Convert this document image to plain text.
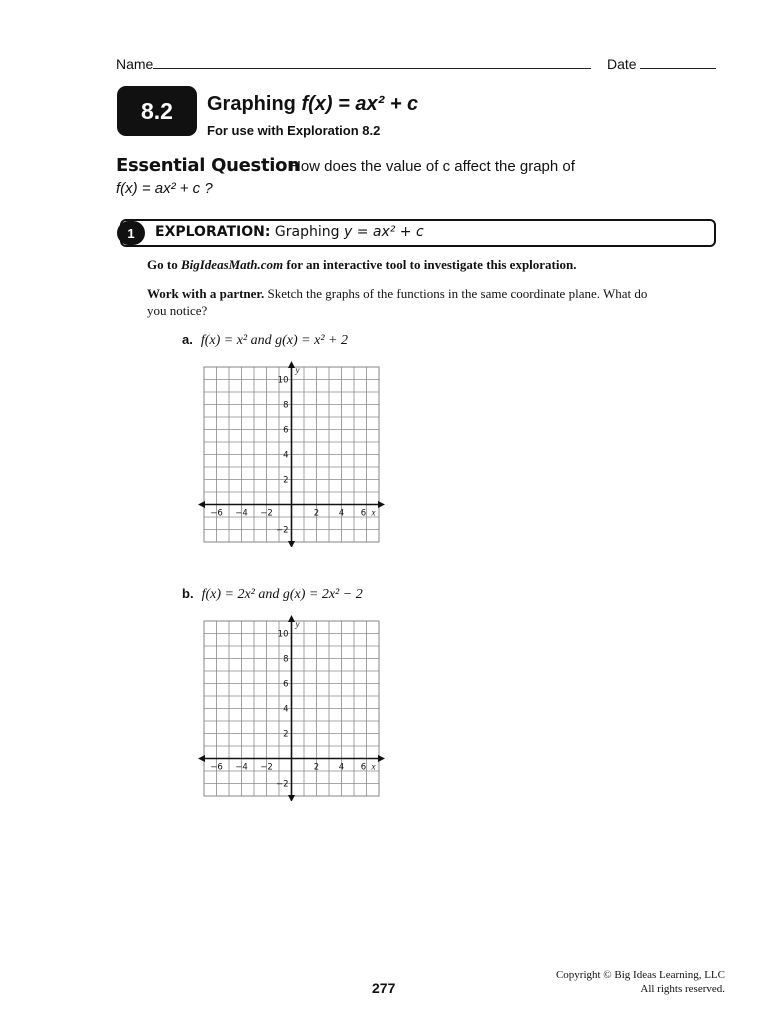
Name	Date
8.2	Graphing f(x) = ax² + c
For use with Exploration 8.2
Essential Question
How does the value of c affect the graph of
f(x) = ax² + c ?
1	EXPLORATION: Graphing y = ax² + c
Go to BigIdeasMath.com for an interactive tool to investigate this exploration.
Work with a partner. Sketch the graphs of the functions in the same coordinate plane. What do you notice?
a. f(x) = x² and g(x) = x² + 2
−6 −4 −2	2 4 6
10
8
6
4
2
−2
x
y
b. f(x) = 2x² and g(x) = 2x² − 2
−6 −4 −2	2 4 6
10
8
6
4
2
−2
x
y
Copyright © Big Ideas Learning, LLC
All rights reserved.
277
